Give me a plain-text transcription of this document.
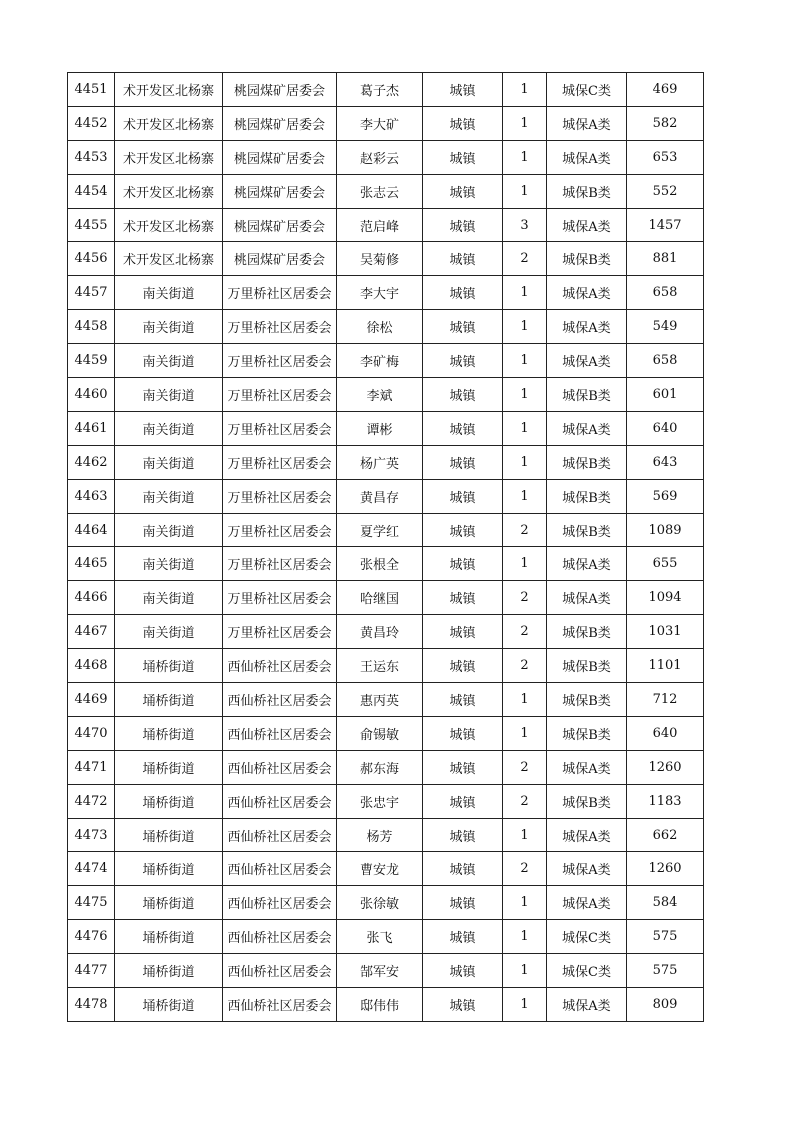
4451	术开发区北杨寨	桃园煤矿居委会	葛子杰	城镇	1	城保C类	469
4452	术开发区北杨寨	桃园煤矿居委会	李大矿	城镇	1	城保A类	582
4453	术开发区北杨寨	桃园煤矿居委会	赵彩云	城镇	1	城保A类	653
4454	术开发区北杨寨	桃园煤矿居委会	张志云	城镇	1	城保B类	552
4455	术开发区北杨寨	桃园煤矿居委会	范启峰	城镇	3	城保A类	1457
4456	术开发区北杨寨	桃园煤矿居委会	吴菊修	城镇	2	城保B类	881
4457	南关街道	万里桥社区居委会	李大宇	城镇	1	城保A类	658
4458	南关街道	万里桥社区居委会	徐松	城镇	1	城保A类	549
4459	南关街道	万里桥社区居委会	李矿梅	城镇	1	城保A类	658
4460	南关街道	万里桥社区居委会	李斌	城镇	1	城保B类	601
4461	南关街道	万里桥社区居委会	谭彬	城镇	1	城保A类	640
4462	南关街道	万里桥社区居委会	杨广英	城镇	1	城保B类	643
4463	南关街道	万里桥社区居委会	黄昌存	城镇	1	城保B类	569
4464	南关街道	万里桥社区居委会	夏学红	城镇	2	城保B类	1089
4465	南关街道	万里桥社区居委会	张根全	城镇	1	城保A类	655
4466	南关街道	万里桥社区居委会	哈继国	城镇	2	城保A类	1094
4467	南关街道	万里桥社区居委会	黄昌玲	城镇	2	城保B类	1031
4468	埇桥街道	西仙桥社区居委会	王运东	城镇	2	城保B类	1101
4469	埇桥街道	西仙桥社区居委会	惠丙英	城镇	1	城保B类	712
4470	埇桥街道	西仙桥社区居委会	俞锡敏	城镇	1	城保B类	640
4471	埇桥街道	西仙桥社区居委会	郝东海	城镇	2	城保A类	1260
4472	埇桥街道	西仙桥社区居委会	张忠宇	城镇	2	城保B类	1183
4473	埇桥街道	西仙桥社区居委会	杨芳	城镇	1	城保A类	662
4474	埇桥街道	西仙桥社区居委会	曹安龙	城镇	2	城保A类	1260
4475	埇桥街道	西仙桥社区居委会	张徐敏	城镇	1	城保A类	584
4476	埇桥街道	西仙桥社区居委会	张飞	城镇	1	城保C类	575
4477	埇桥街道	西仙桥社区居委会	郜军安	城镇	1	城保C类	575
4478	埇桥街道	西仙桥社区居委会	邸伟伟	城镇	1	城保A类	809
